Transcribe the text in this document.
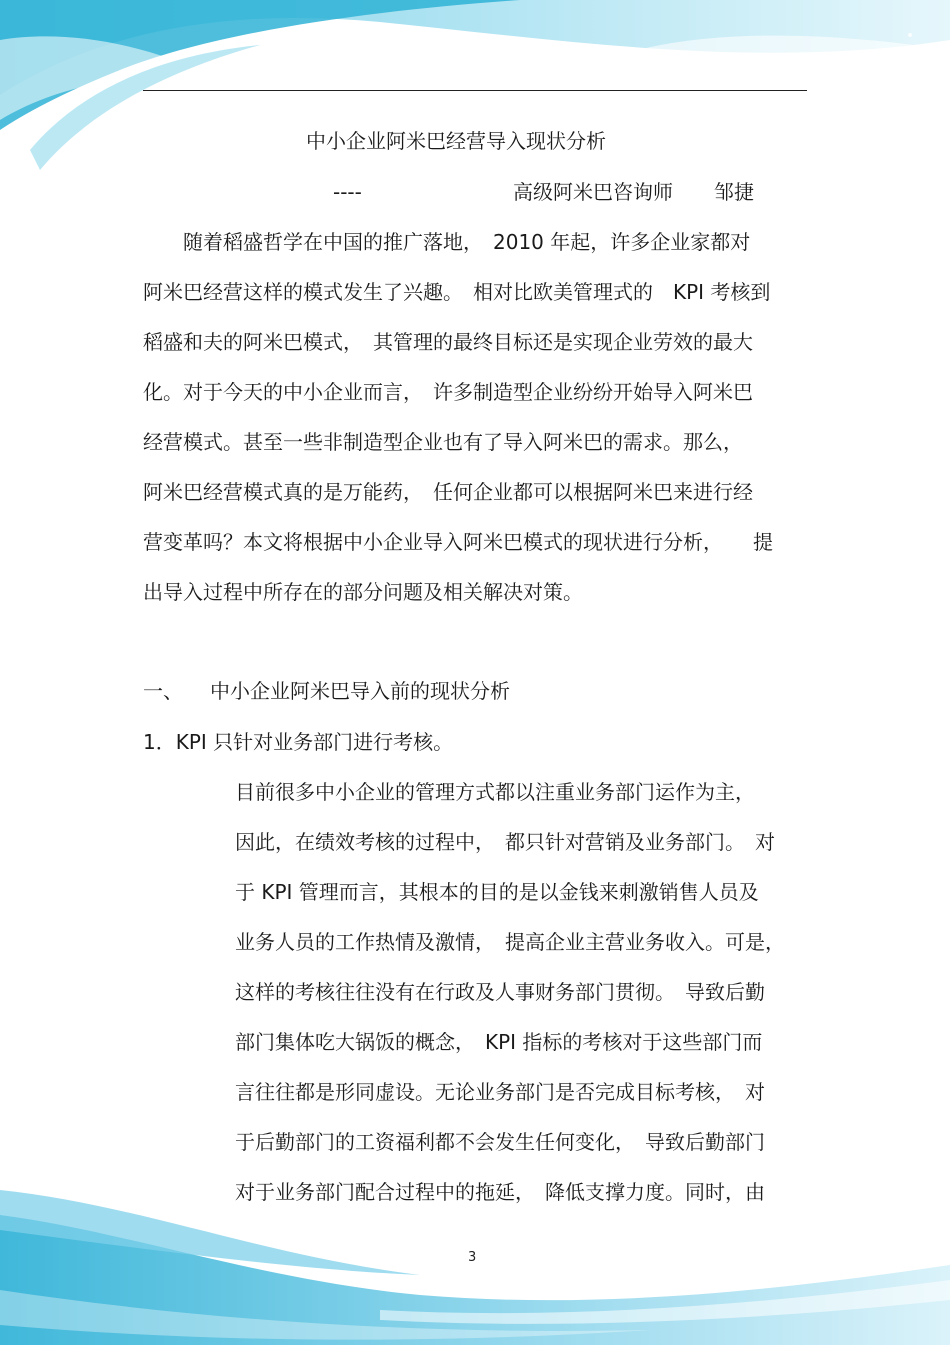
中小企业阿米巴经营导入现状分析
----	高级阿米巴咨询师 邹捷
　　随着稻盛哲学在中国的推广落地，　2010 年起，许多企业家都对
阿米巴经营这样的模式发生了兴趣。　相对比欧美管理式的　KPI 考核到
稻盛和夫的阿米巴模式，　其管理的最终目标还是实现企业劳效的最大
化。对于今天的中小企业而言，　许多制造型企业纷纷开始导入阿米巴
经营模式。甚至一些非制造型企业也有了导入阿米巴的需求。那么，
阿米巴经营模式真的是万能药，　任何企业都可以根据阿米巴来进行经
营变革吗？本文将根据中小企业导入阿米巴模式的现状进行分析，　　提
出导入过程中所存在的部分问题及相关解决对策。
一、 中小企业阿米巴导入前的现状分析
1．KPI 只针对业务部门进行考核。
目前很多中小企业的管理方式都以注重业务部门运作为主，
因此，在绩效考核的过程中，　都只针对营销及业务部门。　对
于 KPI 管理而言，其根本的目的是以金钱来刺激销售人员及
业务人员的工作热情及激情，　提高企业主营业务收入。可是，
这样的考核往往没有在行政及人事财务部门贯彻。　导致后勤
部门集体吃大锅饭的概念，　KPI 指标的考核对于这些部门而
言往往都是形同虚设。无论业务部门是否完成目标考核，　对
于后勤部门的工资福利都不会发生任何变化，　导致后勤部门
对于业务部门配合过程中的拖延，　降低支撑力度。同时，由
3
